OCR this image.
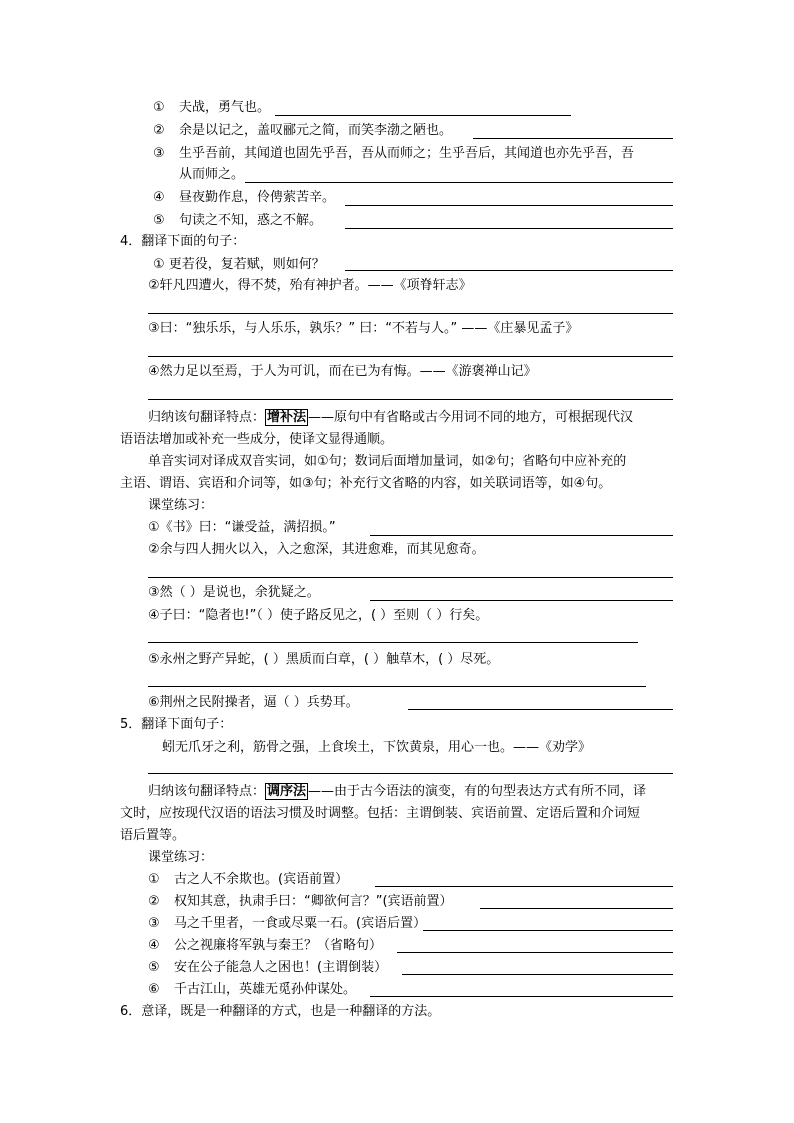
① 夫战，勇气也。
② 余是以记之，盖叹郦元之简，而笑李渤之陋也。
③ 生乎吾前，其闻道也固先乎吾，吾从而师之；生乎吾后，其闻道也亦先乎吾，吾
从而师之。
④ 昼夜勤作息，伶俜萦苦辛。
⑤ 句读之不知，惑之不解。
4．翻译下面的句子：
① 更若役，复若赋，则如何？
②轩凡四遭火，得不焚，殆有神护者。——《项脊轩志》
③曰：“独乐乐，与人乐乐，孰乐？” 曰：“不若与人。” ——《庄暴见孟子》
④然力足以至焉，于人为可讥，而在已为有悔。——《游褒禅山记》
归纳该句翻译特点： 增补法 ——原句中有省略或古今用词不同的地方，可根据现代汉
语语法增加或补充一些成分，使译文显得通顺。
单音实词对译成双音实词，如①句；数词后面增加量词，如②句；省略句中应补充的
主语、谓语、宾语和介词等，如③句；补充行文省略的内容，如关联词语等，如④句。
课堂练习：
①《书》曰：“谦受益，满招损。”
②余与四人拥火以入，入之愈深，其进愈难，而其见愈奇。
③然（ ）是说也，余犹疑之。
④子曰：“隐者也!”（ ）使子路反见之，( ）至则（ ）行矣。
⑤永州之野产异蛇，( ）黑质而白章，( ）触草木，( ）尽死。
⑥荆州之民附操者，逼（ ）兵势耳。
5．翻译下面句子：
蚓无爪牙之利，筋骨之强，上食埃土，下饮黄泉，用心一也。——《劝学》
归纳该句翻译特点： 调序法 ——由于古今语法的演变，有的句型表达方式有所不同，译
文时，应按现代汉语的语法习惯及时调整。包括：主谓倒装、宾语前置、定语后置和介词短
语后置等。
课堂练习：
① 古之人不余欺也。(宾语前置）
② 权知其意，执肃手曰：“卿欲何言？”(宾语前置）
③ 马之千里者，一食或尽粟一石。(宾语后置）
④ 公之视廉将军孰与秦王？（省略句）
⑤ 安在公子能急人之困也！(主谓倒装）
⑥ 千古江山，英雄无觅孙仲谋处。
6．意译，既是一种翻译的方式，也是一种翻译的方法。
